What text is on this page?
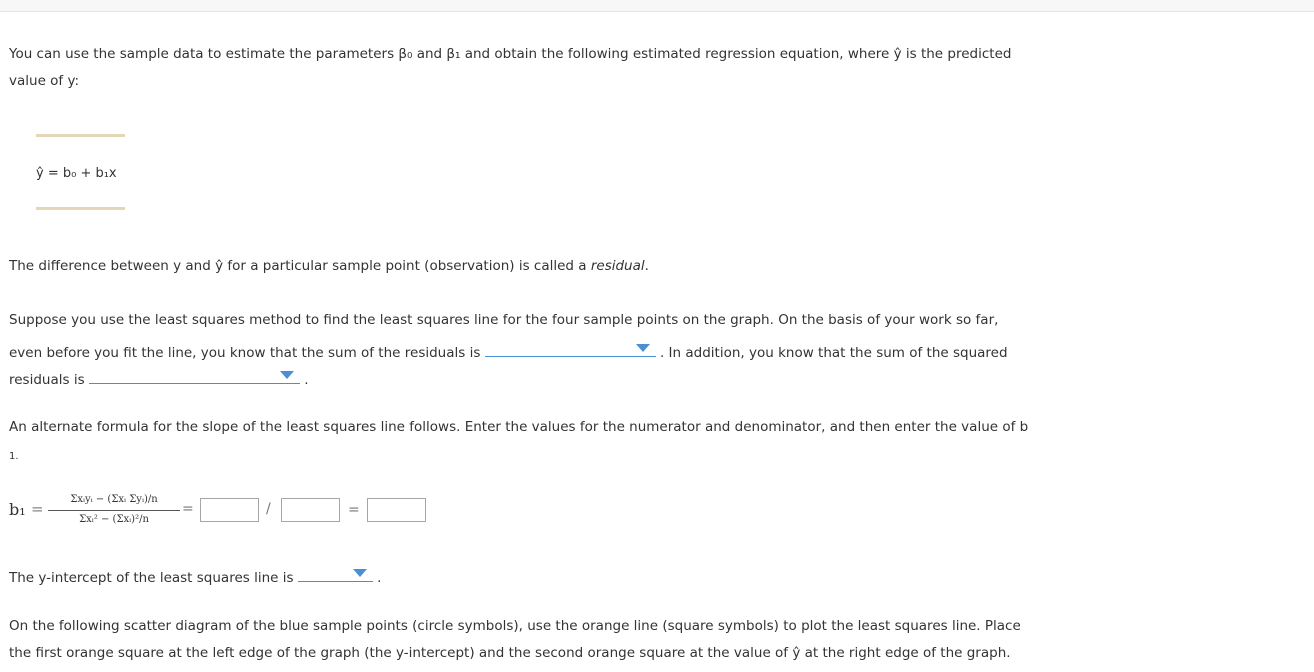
You can use the sample data to estimate the parameters β₀ and β₁ and obtain the following estimated regression equation, where ŷ is the predicted
value of y:
ŷ = b₀ + b₁x
The difference between y and ŷ for a particular sample point (observation) is called a residual.
Suppose you use the least squares method to find the least squares line for the four sample points on the graph. On the basis of your work so far,
even before you fit the line, you know that the sum of the residuals is	. In addition, you know that the sum of the squared
residuals is	.
An alternate formula for the slope of the least squares line follows. Enter the values for the numerator and denominator, and then enter the value of b
1.
b₁ =
Σxᵢyᵢ − (Σxᵢ Σyᵢ)/n
Σxᵢ² − (Σxᵢ)²/n
=	/	=
The y-intercept of the least squares line is	.
On the following scatter diagram of the blue sample points (circle symbols), use the orange line (square symbols) to plot the least squares line. Place
the first orange square at the left edge of the graph (the y-intercept) and the second orange square at the value of ŷ at the right edge of the graph.
